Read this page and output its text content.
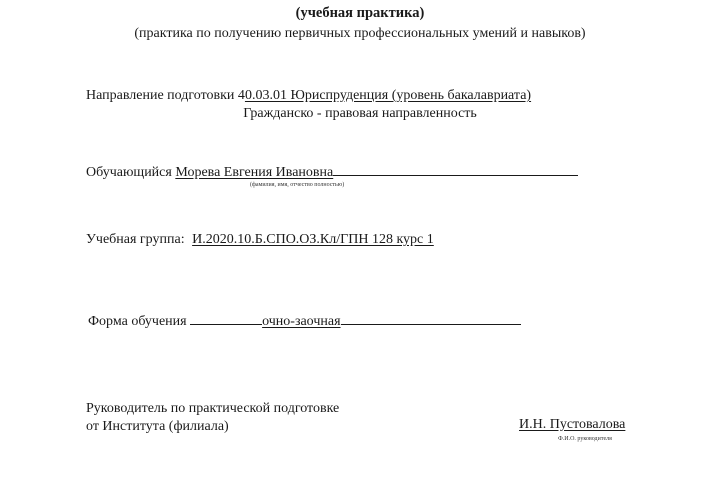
(учебная практика)
(практика по получению первичных профессиональных умений и навыков)
Направление подготовки 40.03.01 Юриспруденция (уровень бакалавриата)
Гражданско - правовая направленность
Обучающийся Морева Евгения Ивановна
(фамилия, имя, отчество полностью)
Учебная группа: И.2020.10.Б.СПО.ОЗ.Кл/ГПН 128 курс 1
Форма обучения	очно-заочная
Руководитель по практической подготовке
от Института (филиала)	И.Н. Пустовалова
Ф.И.О. руководителя
